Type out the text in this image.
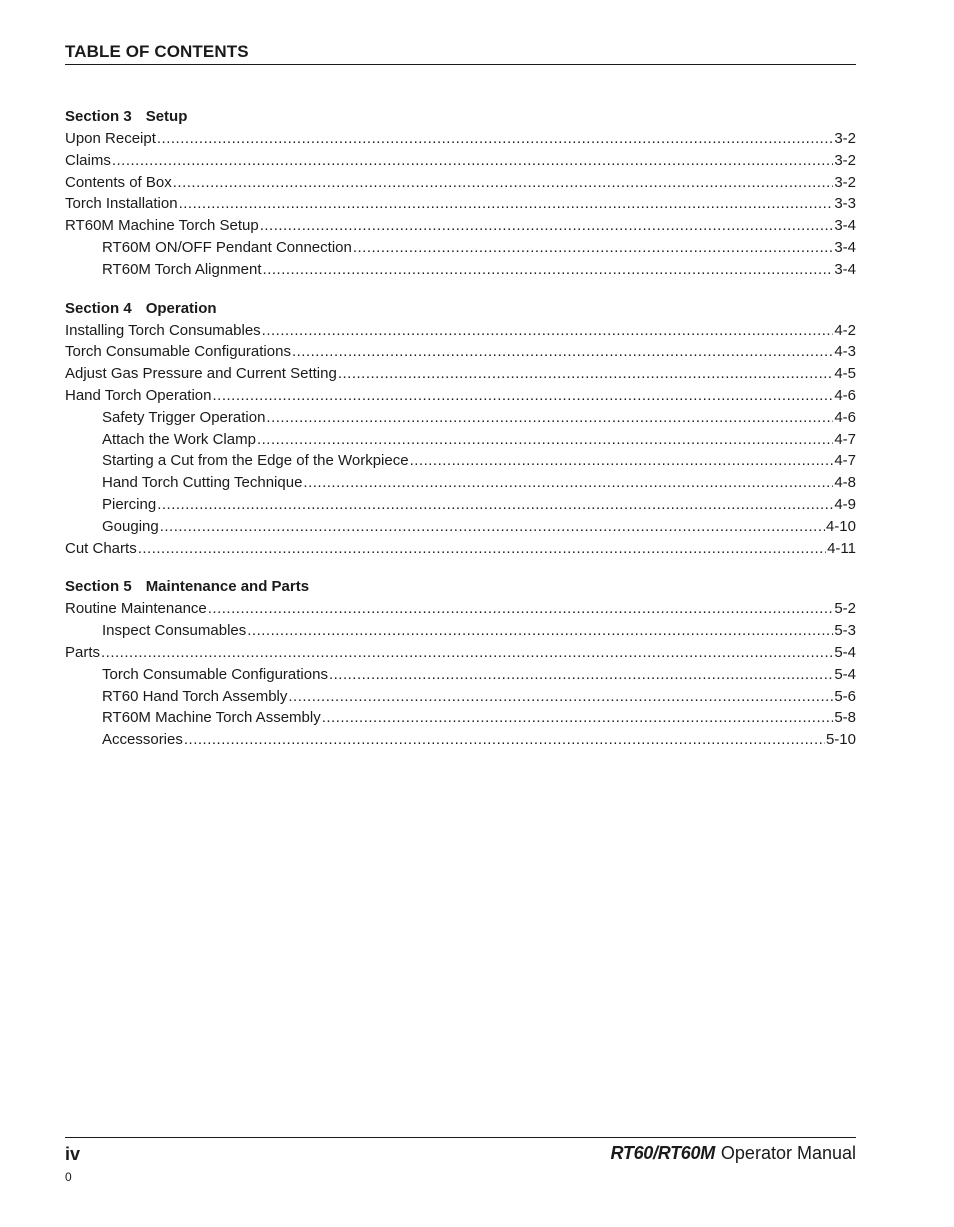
TABLE OF CONTENTS
Section 3 Setup
Upon Receipt .....	3-2
Claims .....	3-2
Contents of Box .....	3-2
Torch Installation .....	3-3
RT60M Machine Torch Setup .....	3-4
RT60M ON/OFF Pendant Connection .....	3-4
RT60M Torch Alignment .....	3-4
Section 4 Operation
Installing Torch Consumables .....	4-2
Torch Consumable Configurations .....	4-3
Adjust Gas Pressure and Current Setting .....	4-5
Hand Torch Operation .....	4-6
Safety Trigger Operation .....	4-6
Attach the Work Clamp .....	4-7
Starting a Cut from the Edge of the Workpiece .....	4-7
Hand Torch Cutting Technique .....	4-8
Piercing .....	4-9
Gouging .....	4-10
Cut Charts .....	4-11
Section 5 Maintenance and Parts
Routine Maintenance .....	5-2
Inspect Consumables .....	5-3
Parts .....	5-4
Torch Consumable Configurations .....	5-4
RT60 Hand Torch Assembly .....	5-6
RT60M Machine Torch Assembly .....	5-8
Accessories .....	5-10
iv
0
RT60/RT60M Operator Manual
